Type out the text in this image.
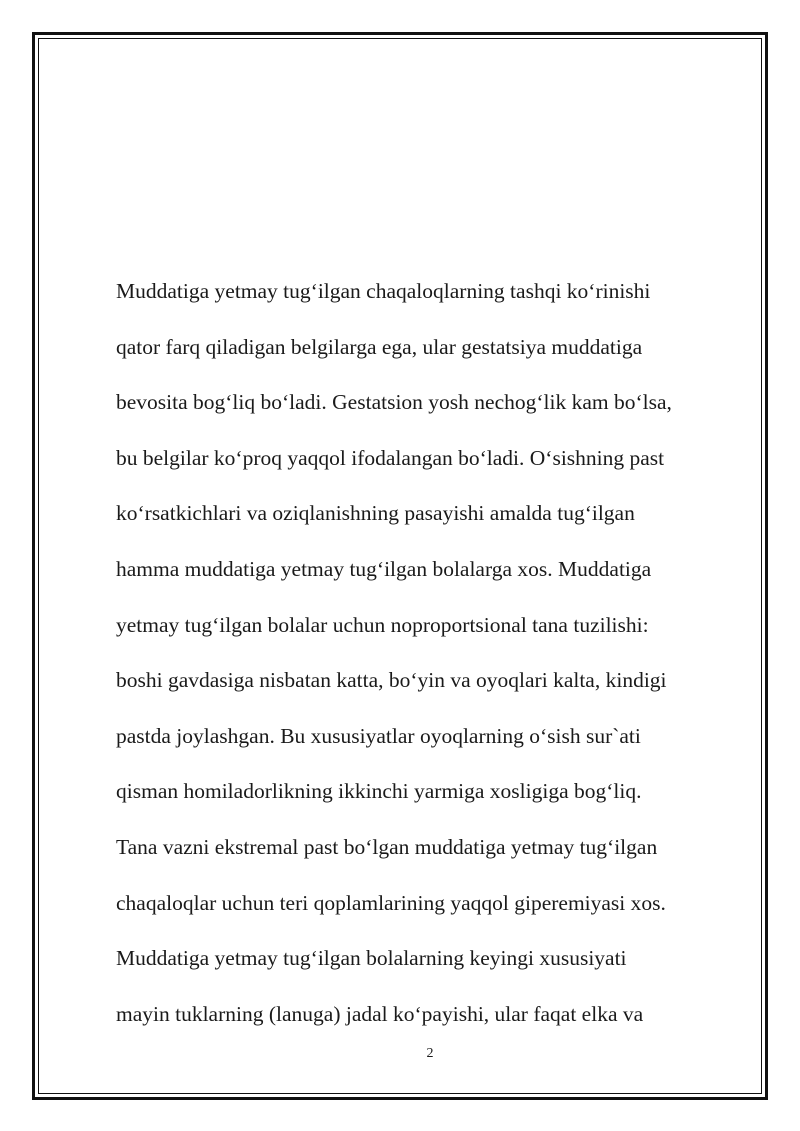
Muddatiga yetmay tug‘ilgan chaqaloqlarning tashqi ko‘rinishi
qator farq qiladigan belgilarga ega, ular gestatsiya muddatiga
bevosita bog‘liq bo‘ladi. Gestatsion yosh nechog‘lik kam bo‘lsa,
bu belgilar ko‘proq yaqqol ifodalangan bo‘ladi. O‘sishning past
ko‘rsatkichlari va oziqlanishning pasayishi amalda tug‘ilgan
hamma muddatiga yetmay tug‘ilgan bolalarga xos. Muddatiga
yetmay tug‘ilgan bolalar uchun noproportsional tana tuzilishi:
boshi gavdasiga nisbatan katta, bo‘yin va oyoqlari kalta, kindigi
pastda joylashgan. Bu xususiyatlar oyoqlarning o‘sish sur`ati
qisman homiladorlikning ikkinchi yarmiga xosligiga bog‘liq.
Tana vazni ekstremal past bo‘lgan muddatiga yetmay tug‘ilgan
chaqaloqlar uchun teri qoplamlarining yaqqol giperemiyasi xos.
Muddatiga yetmay tug‘ilgan bolalarning keyingi xususiyati
mayin tuklarning (lanuga) jadal ko‘payishi, ular faqat elka va
2
